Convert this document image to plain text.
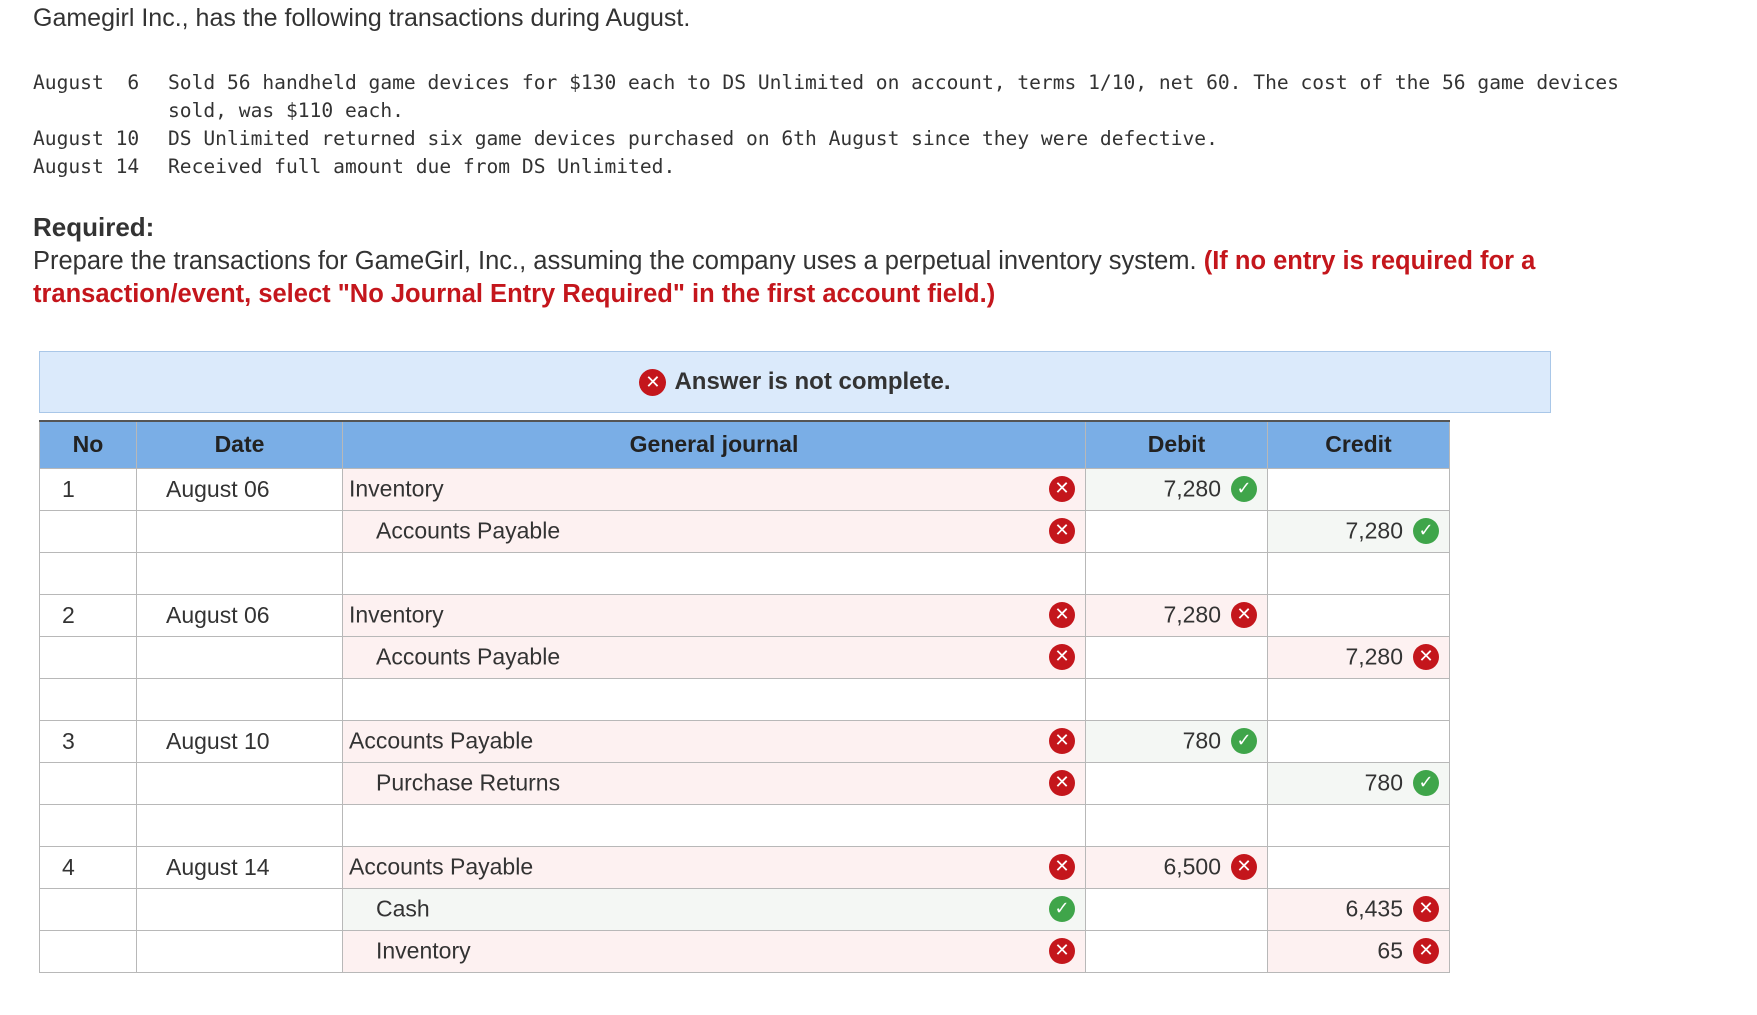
Gamegirl Inc., has the following transactions during August.
August  6	Sold 56 handheld game devices for $130 each to DS Unlimited on account, terms 1/10, net 60. The cost of the 56 game devices sold, was $110 each.
August 10	DS Unlimited returned six game devices purchased on 6th August since they were defective.
August 14	Received full amount due from DS Unlimited.
Required:
Prepare the transactions for GameGirl, Inc., assuming the company uses a perpetual inventory system. (If no entry is required for a transaction/event, select "No Journal Entry Required" in the first account field.)
✕ Answer is not complete.
No	Date	General journal	Debit	Credit
1	August 06	Inventory ✕	7,280 ✓	

		Accounts Payable ✕		7,280 ✓

2	August 06	Inventory ✕	7,280 ✕	

		Accounts Payable ✕		7,280 ✕

3	August 10	Accounts Payable ✕	780 ✓	

		Purchase Returns ✕		780 ✓

4	August 14	Accounts Payable ✕	6,500 ✕	

		Cash ✓		6,435 ✕

		Inventory ✕		65 ✕
